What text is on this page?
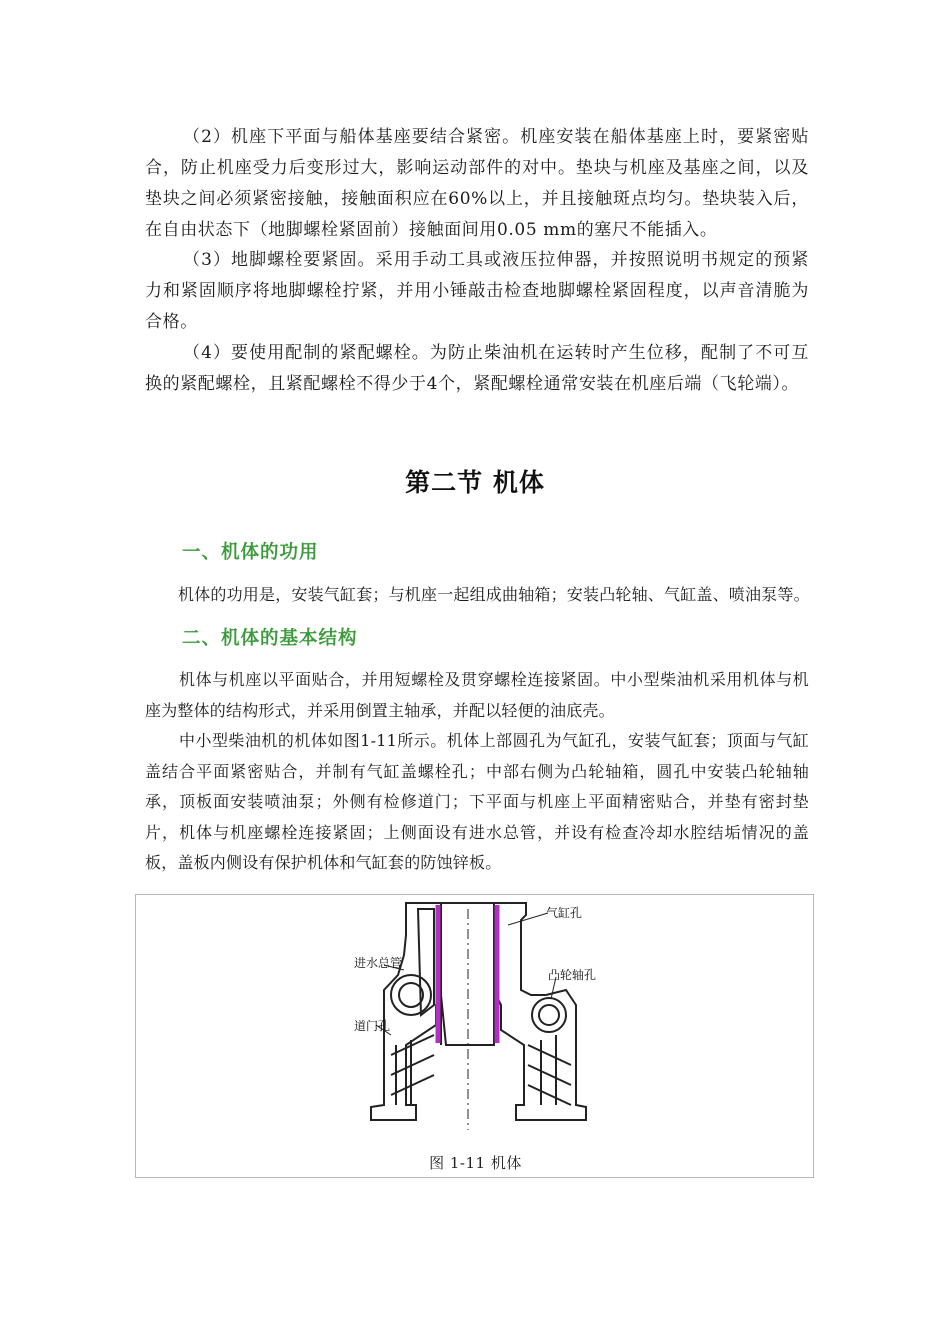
（2）机座下平面与船体基座要结合紧密。机座安装在船体基座上时，要紧密贴合，防止机座受力后变形过大，影响运动部件的对中。垫块与机座及基座之间，以及垫块之间必须紧密接触，接触面积应在60%以上，并且接触斑点均匀。垫块装入后，在自由状态下（地脚螺栓紧固前）接触面间用0.05 mm的塞尺不能插入。

（3）地脚螺栓要紧固。采用手动工具或液压拉伸器，并按照说明书规定的预紧力和紧固顺序将地脚螺栓拧紧，并用小锤敲击检查地脚螺栓紧固程度，以声音清脆为合格。

（4）要使用配制的紧配螺栓。为防止柴油机在运转时产生位移，配制了不可互换的紧配螺栓，且紧配螺栓不得少于4个，紧配螺栓通常安装在机座后端（飞轮端）。

第二节 机体
一、机体的功用

机体的功用是，安装气缸套；与机座一起组成曲轴箱；安装凸轮轴、气缸盖、喷油泵等。

二、机体的基本结构

机体与机座以平面贴合，并用短螺栓及贯穿螺栓连接紧固。中小型柴油机采用机体与机座为整体的结构形式，并采用倒置主轴承，并配以轻便的油底壳。

中小型柴油机的机体如图1-11所示。机体上部圆孔为气缸孔，安装气缸套；顶面与气缸盖结合平面紧密贴合，并制有气缸盖螺栓孔；中部右侧为凸轮轴箱，圆孔中安装凸轮轴轴承，顶板面安装喷油泵；外侧有检修道门；下平面与机座上平面精密贴合，并垫有密封垫片，机体与机座螺栓连接紧固；上侧面设有进水总管，并设有检查冷却水腔结垢情况的盖板，盖板内侧设有保护机体和气缸套的防蚀锌板。

气缸孔
进水总管
凸轮轴孔
道门孔
图 1-11 机体
